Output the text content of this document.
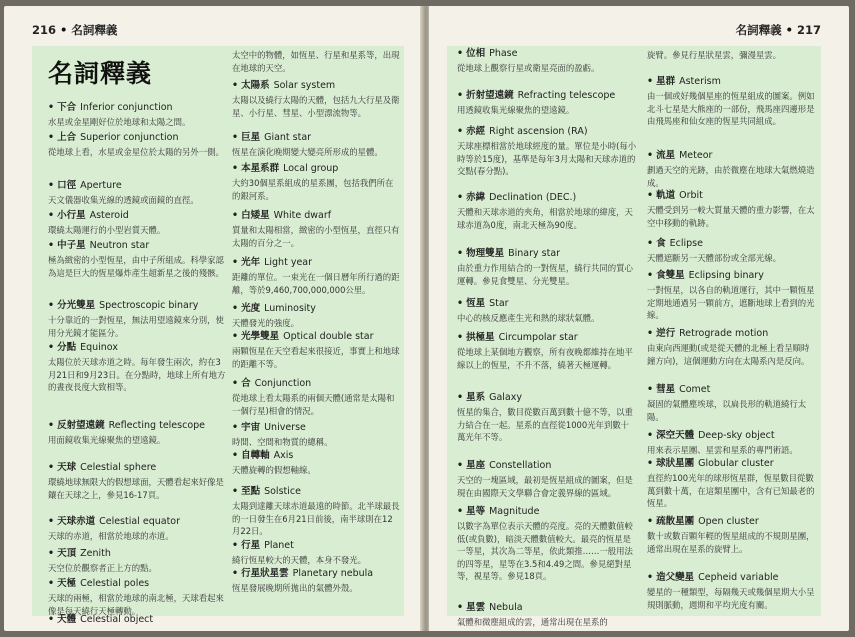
216 • 名詞釋義
名詞釋義
• 下合 Inferior conjunction
水星或金星剛好位於地球和太陽之間。
• 上合 Superior conjunction
從地球上看，水星或金星位於太陽的另外一側。
• 口徑 Aperture
天文儀器收集光線的透鏡或面鏡的直徑。
• 小行星 Asteroid
環繞太陽運行的小型岩質天體。
• 中子星 Neutron star
極為緻密的小型恆星，由中子所組成。科學家認為這是巨大的恆星爆炸產生超新星之後的殘骸。
• 分光雙星 Spectroscopic binary
十分靠近的一對恆星，無法用望遠鏡來分別，使用分光鏡才能區分。
• 分點 Equinox
太陽位於天球赤道之時。每年發生兩次，約在3月21日和9月23日。在分點時，地球上所有地方的晝夜長度大致相等。
• 反射望遠鏡 Reflecting telescope
用面鏡收集光線聚焦的望遠鏡。
• 天球 Celestial sphere
環繞地球無限大的假想球面，天體看起來好像是鑲在天球之上，參見16-17頁。
• 天球赤道 Celestial equator
天球的赤道，相當於地球的赤道。
• 天頂 Zenith
天空位於觀察者正上方的點。
• 天極 Celestial poles
天球的兩極，相當於地球的南北極，天球看起來像是每天繞行天極轉動。
• 天體 Celestial object
太空中的物體，如恆星、行星和星系等，出現在地球的天空。
• 太陽系 Solar system
太陽以及繞行太陽的天體，包括九大行星及衛星、小行星、彗星、小型漂流物等。
• 巨星 Giant star
恆星在演化晚期變大變亮所形成的星體。
• 本星系群 Local group
大約30個星系組成的星系團，包括我們所在的銀河系。
• 白矮星 White dwarf
質量和太陽相當，緻密的小型恆星，直徑只有太陽的百分之一。
• 光年 Light year
距離的單位。一束光在一個日曆年所行過的距離，等於9,460,700,000,000公里。
• 光度 Luminosity
天體發光的強度。
• 光學雙星 Optical double star
兩顆恆星在天空看起來很接近，事實上和地球的距離不等。
• 合 Conjunction
從地球上看太陽系的兩個天體(通常是太陽和一個行星)相會的情況。
• 宇宙 Universe
時間、空間和物質的總稱。
• 自轉軸 Axis
天體旋轉的假想軸線。
• 至點 Solstice
太陽到達離天球赤道最遠的時節。北半球最長的一日發生在6月21日前後，南半球則在12月22日。
• 行星 Planet
繞行恆星較大的天體，本身不發光。
• 行星狀星雲 Planetary nebula
恆星發展晚期所拋出的氣體外殼。
名詞釋義 • 217
• 位相 Phase
從地球上觀察行星或衛星亮面的盈虧。
• 折射望遠鏡 Refracting telescope
用透鏡收集光線聚焦的望遠鏡。
• 赤經 Right ascension (RA)
天球座標相當於地球經度的量。單位是小時(每小時等於15度)，基準是每年3月太陽和天球赤道的交點(春分點)。
• 赤緯 Declination (DEC.)
天體和天球赤道的夾角，相當於地球的緯度，天球赤道為0度，南北天極為90度。
• 物理雙星 Binary star
由於重力作用結合的一對恆星，繞行共同的質心運轉。參見食雙星、分光雙星。
• 恆星 Star
中心的核反應產生光和熱的球狀氣體。
• 拱極星 Circumpolar star
從地球上某個地方觀察，所有夜晚都維持在地平線以上的恆星，不升不落，繞著天極運轉。
• 星系 Galaxy
恆星的集合，數目從數百萬到數十億不等，以重力結合在一起。星系的直徑從1000光年到數十萬光年不等。
• 星座 Constellation
天空的一塊區域，最初是恆星組成的圖案，但是現在由國際天文學聯合會定義界線的區域。
• 星等 Magnitude
以數字為單位表示天體的亮度。亮的天體數值較低(或負數)，暗淡天體數值較大。最亮的恆星是一等星，其次為二等星，依此類推……一般用法的四等星，星等在3.5和4.49之間。參見絕對星等，視星等。參見18頁。
• 星雲 Nebula
氣體和微塵組成的雲，通常出現在星系的
旋臂。參見行星狀星雲，彌漫星雲。
• 星群 Asterism
由一個或好幾個星座的恆星組成的圖案。例如北斗七星是大熊座的一部份，飛馬座四邊形是由飛馬座和仙女座的恆星共同組成。
• 流星 Meteor
劃過天空的光跡，由於微塵在地球大氣燃燒造成。
• 軌道 Orbit
天體受到另一較大質量天體的重力影響，在太空中移動的軌跡。
• 食 Eclipse
天體遮斷另一天體部份或全部光線。
• 食雙星 Eclipsing binary
一對恆星，以各自的軌道運行，其中一顆恆星定期地通過另一顆前方，遮斷地球上看到的光線。
• 逆行 Retrograde motion
由東向西運動(或是從天體的北極上看呈順時鐘方向)，這個運動方向在太陽系內是反向。
• 彗星 Comet
凝固的氣體塵埃球，以扁長形的軌道繞行太陽。
• 深空天體 Deep-sky object
用來表示星團、星雲和星系的專門術語。
• 球狀星團 Globular cluster
直徑約100光年的球形恆星群，恆星數目從數萬到數十萬，在這類星團中，含有已知最老的恆星。
• 疏散星團 Open cluster
數十或數百顆年輕的恆星組成的不規則星團，通常出現在星系的旋臂上。
• 造父變星 Cepheid variable
變星的一種類型，每隔幾天或幾個星期大小呈規則脈動，週期和平均光度有關。
